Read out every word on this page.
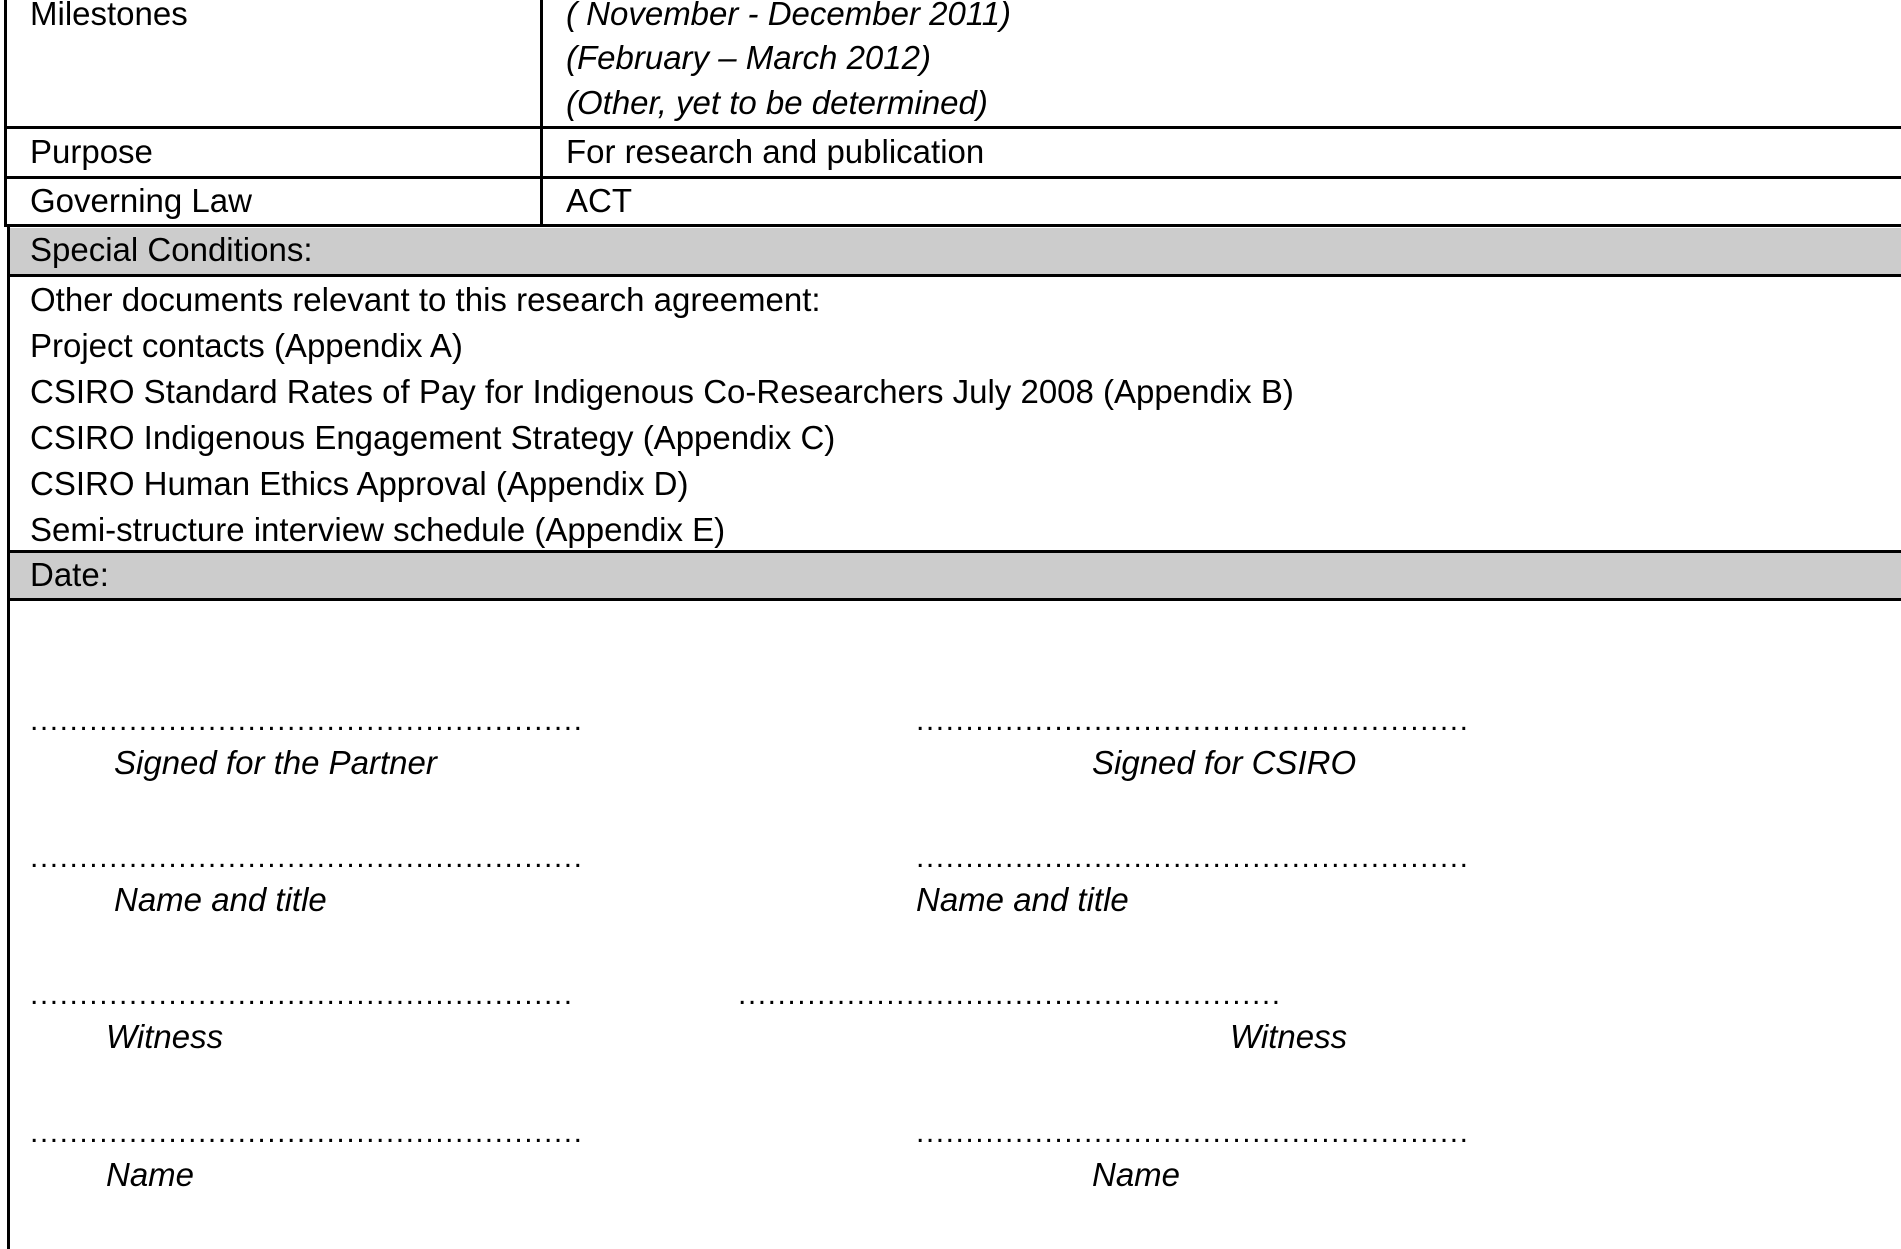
Milestones	( November - December 2011)
(February – March 2012)
(Other, yet to be determined)
Purpose	For research and publication
Governing Law	ACT
Special Conditions:
Other documents relevant to this research agreement:
Project contacts (Appendix A)
CSIRO Standard Rates of Pay for Indigenous Co-Researchers July 2008 (Appendix B)
CSIRO Indigenous Engagement Strategy (Appendix C)
CSIRO Human Ethics Approval (Appendix D)
Semi-structure interview schedule (Appendix E)
Date:
........................................................	........................................................
Signed for the Partner	Signed for CSIRO
........................................................	........................................................
Name and title	Name and title
.......................................................	.......................................................
Witness	Witness
........................................................	........................................................
Name	Name
